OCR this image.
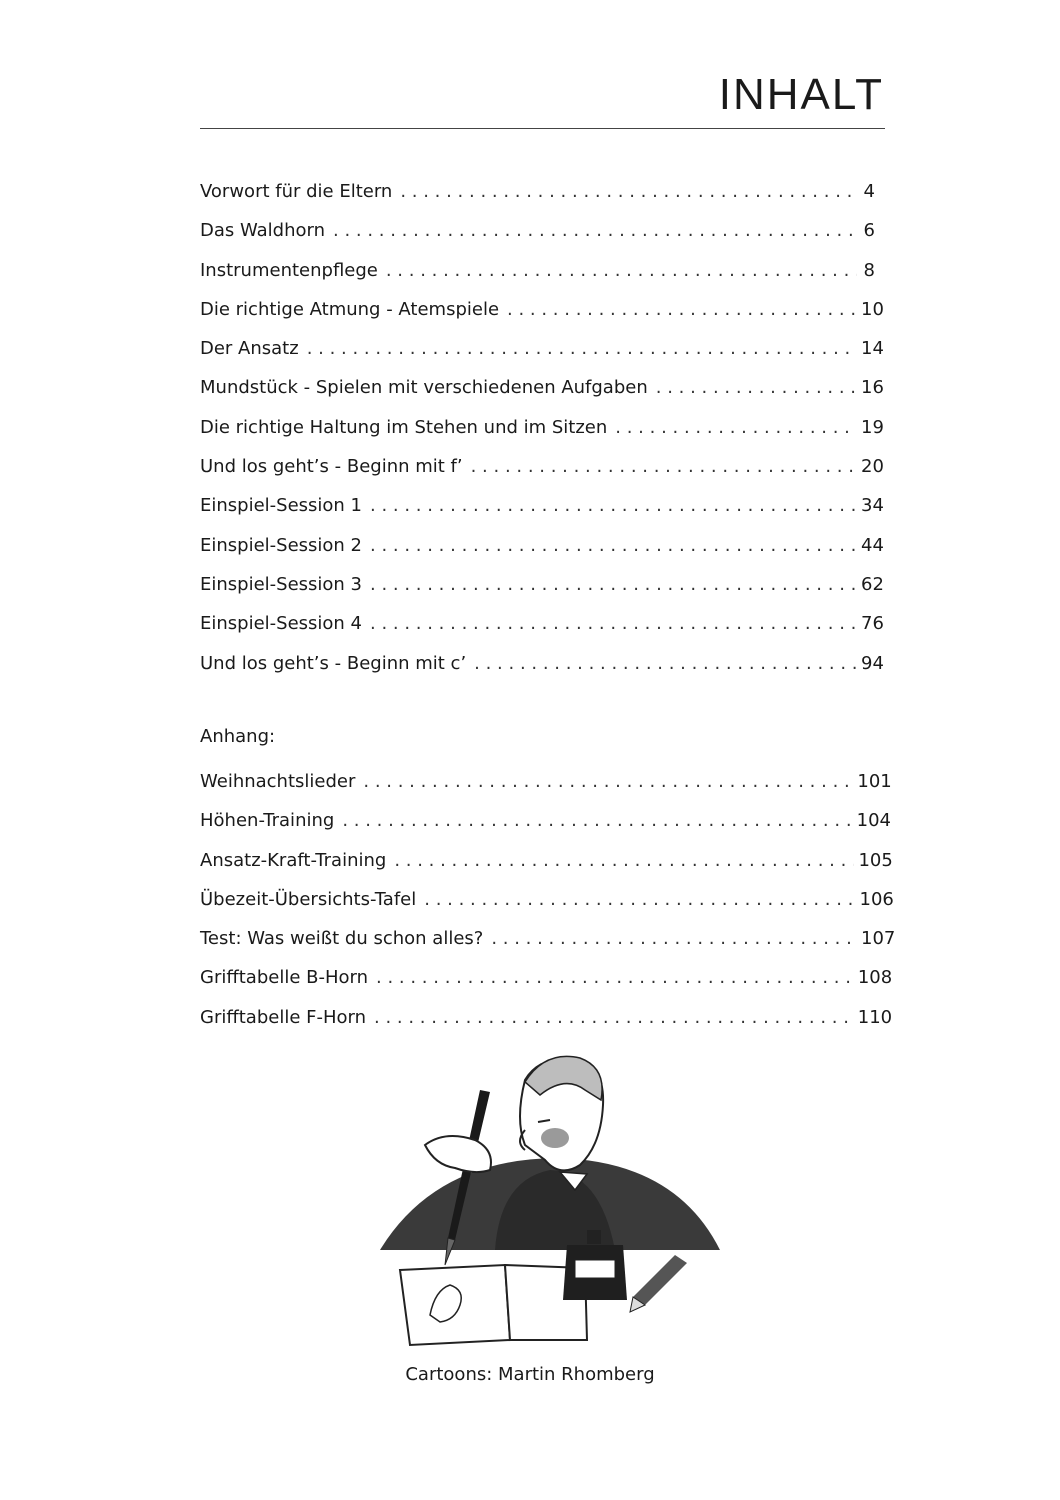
INHALT
Vorwort für die Eltern . . .	4
Das Waldhorn . . .	6
Instrumentenpflege . . .	8
Die richtige Atmung - Atemspiele . . .	10
Der Ansatz . . .	14
Mundstück - Spielen mit verschiedenen Aufgaben . . .	16
Die richtige Haltung im Stehen und im Sitzen . . .	19
Und los geht’s - Beginn mit f’ . . .	20
Einspiel-Session 1 . . .	34
Einspiel-Session 2 . . .	44
Einspiel-Session 3 . . .	62
Einspiel-Session 4 . . .	76
Und los geht’s - Beginn mit c’ . . .	94

Anhang:

Weihnachtslieder . . .	101
Höhen-Training . . .	104
Ansatz-Kraft-Training . . .	105
Übezeit-Übersichts-Tafel . . .	106
Test: Was weißt du schon alles? . . .	107
Grifftabelle B-Horn . . .	108
Grifftabelle F-Horn . . .	110
Cartoons: Martin Rhomberg
